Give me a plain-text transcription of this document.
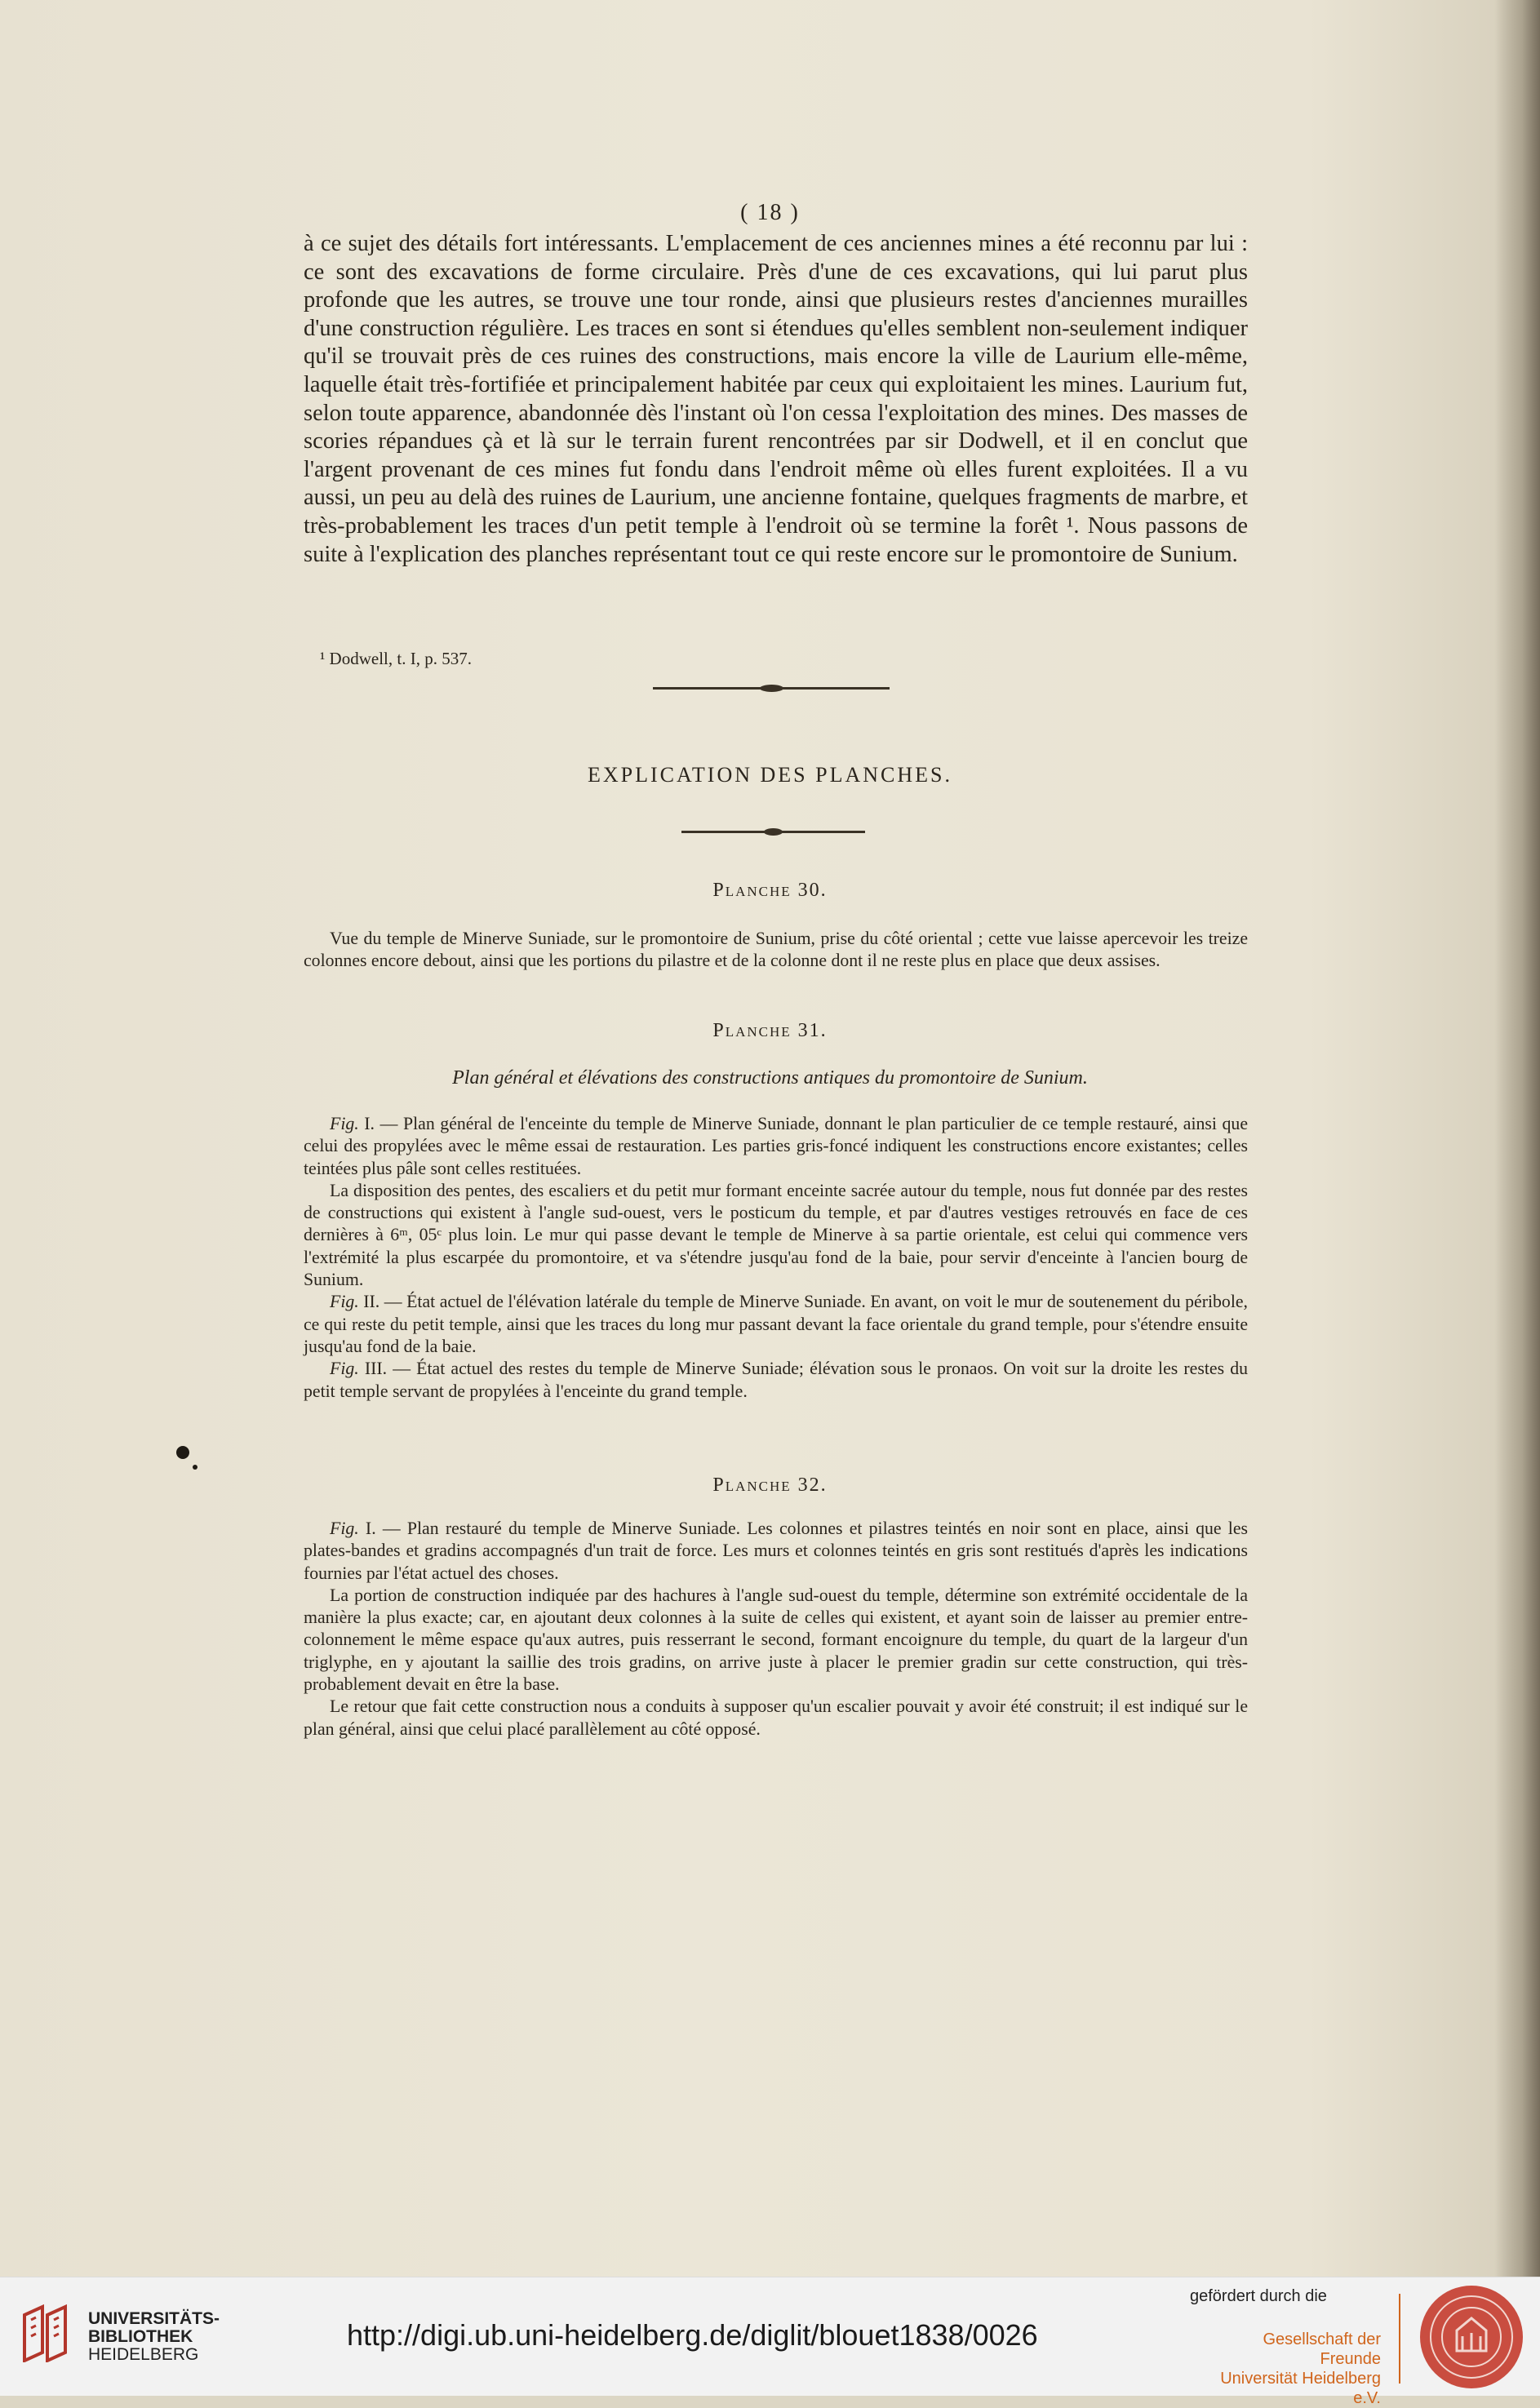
( 18 )

à ce sujet des détails fort intéressants. L'emplacement de ces anciennes mines a été reconnu par lui : ce sont des excavations de forme circulaire. Près d'une de ces excavations, qui lui parut plus profonde que les autres, se trouve une tour ronde, ainsi que plusieurs restes d'anciennes murailles d'une construction régulière. Les traces en sont si étendues qu'elles semblent non-seulement indiquer qu'il se trouvait près de ces ruines des constructions, mais encore la ville de Laurium elle-même, laquelle était très-fortifiée et principalement habitée par ceux qui exploitaient les mines. Laurium fut, selon toute apparence, abandonnée dès l'instant où l'on cessa l'exploitation des mines. Des masses de scories répandues çà et là sur le terrain furent rencontrées par sir Dodwell, et il en conclut que l'argent provenant de ces mines fut fondu dans l'endroit même où elles furent exploitées. Il a vu aussi, un peu au delà des ruines de Laurium, une ancienne fontaine, quelques fragments de marbre, et très-probablement les traces d'un petit temple à l'endroit où se termine la forêt ¹. Nous passons de suite à l'explication des planches représentant tout ce qui reste encore sur le promontoire de Sunium.

¹ Dodwell, t. I, p. 537.
EXPLICATION DES PLANCHES.
Planche 30.

Vue du temple de Minerve Suniade, sur le promontoire de Sunium, prise du côté oriental ; cette vue laisse apercevoir les treize colonnes encore debout, ainsi que les portions du pilastre et de la colonne dont il ne reste plus en place que deux assises.

Planche 31.
Plan général et élévations des constructions antiques du promontoire de Sunium.

Fig. I. — Plan général de l'enceinte du temple de Minerve Suniade, donnant le plan particulier de ce temple restauré, ainsi que celui des propylées avec le même essai de restauration. Les parties gris-foncé indiquent les constructions encore existantes; celles teintées plus pâle sont celles restituées.

La disposition des pentes, des escaliers et du petit mur formant enceinte sacrée autour du temple, nous fut donnée par des restes de constructions qui existent à l'angle sud-ouest, vers le posticum du temple, et par d'autres vestiges retrouvés en face de ces dernières à 6ᵐ, 05ᶜ plus loin. Le mur qui passe devant le temple de Minerve à sa partie orientale, est celui qui commence vers l'extrémité la plus escarpée du promontoire, et va s'étendre jusqu'au fond de la baie, pour servir d'enceinte à l'ancien bourg de Sunium.

Fig. II. — État actuel de l'élévation latérale du temple de Minerve Suniade. En avant, on voit le mur de soutenement du péribole, ce qui reste du petit temple, ainsi que les traces du long mur passant devant la face orientale du grand temple, pour s'étendre ensuite jusqu'au fond de la baie.

Fig. III. — État actuel des restes du temple de Minerve Suniade; élévation sous le pronaos. On voit sur la droite les restes du petit temple servant de propylées à l'enceinte du grand temple.

Planche 32.

Fig. I. — Plan restauré du temple de Minerve Suniade. Les colonnes et pilastres teintés en noir sont en place, ainsi que les plates-bandes et gradins accompagnés d'un trait de force. Les murs et colonnes teintés en gris sont restitués d'après les indications fournies par l'état actuel des choses.

La portion de construction indiquée par des hachures à l'angle sud-ouest du temple, détermine son extrémité occidentale de la manière la plus exacte; car, en ajoutant deux colonnes à la suite de celles qui existent, et ayant soin de laisser au premier entre-colonnement le même espace qu'aux autres, puis resserrant le second, formant encoignure du temple, du quart de la largeur d'un triglyphe, en y ajoutant la saillie des trois gradins, on arrive juste à placer le premier gradin sur cette construction, qui très-probablement devait en être la base.

Le retour que fait cette construction nous a conduits à supposer qu'un escalier pouvait y avoir été construit; il est indiqué sur le plan général, ainsi que celui placé parallèlement au côté opposé.

UNIVERSITÄTS-
BIBLIOTHEK
HEIDELBERG
http://digi.ub.uni-heidelberg.de/diglit/blouet1838/0026
gefördert durch die
Gesellschaft der Freunde
Universität Heidelberg e.V.
